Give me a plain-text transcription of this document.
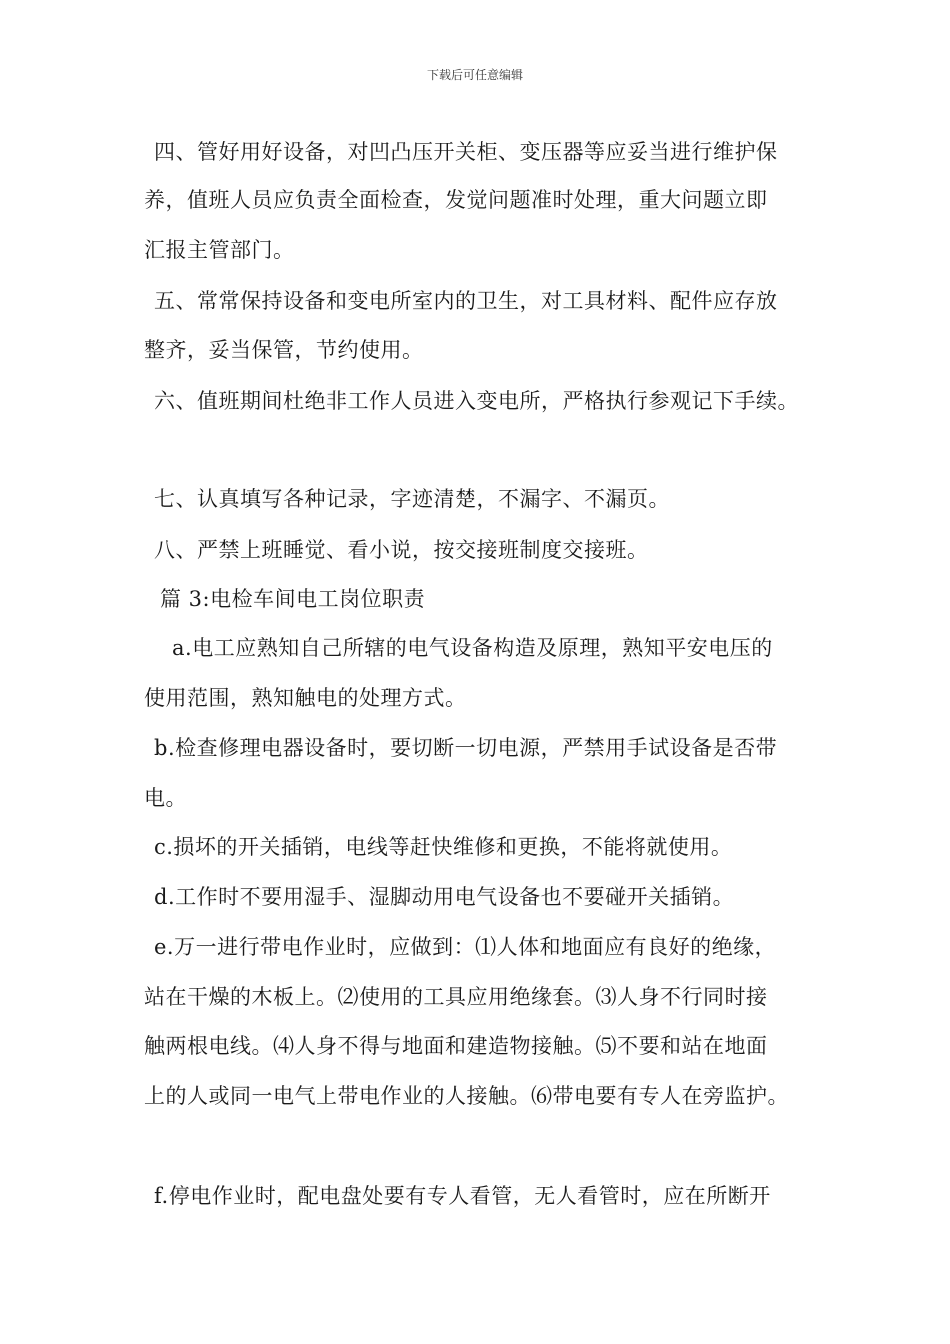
下载后可任意编辑
四、管好用好设备，对凹凸压开关柜、变压器等应妥当进行维护保
养，值班人员应负责全面检查，发觉问题准时处理，重大问题立即
汇报主管部门。
五、常常保持设备和变电所室内的卫生，对工具材料、配件应存放
整齐，妥当保管，节约使用。
六、值班期间杜绝非工作人员进入变电所，严格执行参观记下手续。
七、认真填写各种记录，字迹清楚，不漏字、不漏页。
八、严禁上班睡觉、看小说，按交接班制度交接班。
篇 3:电检车间电工岗位职责
a.电工应熟知自己所辖的电气设备构造及原理，熟知平安电压的
使用范围，熟知触电的处理方式。
b.检查修理电器设备时，要切断一切电源，严禁用手试设备是否带
电。
c.损坏的开关插销，电线等赶快维修和更换，不能将就使用。
d.工作时不要用湿手、湿脚动用电气设备也不要碰开关插销。
e.万一进行带电作业时，应做到：⑴人体和地面应有良好的绝缘，
站在干燥的木板上。⑵使用的工具应用绝缘套。⑶人身不行同时接
触两根电线。⑷人身不得与地面和建造物接触。⑸不要和站在地面
上的人或同一电气上带电作业的人接触。⑹带电要有专人在旁监护。
f.停电作业时，配电盘处要有专人看管，无人看管时，应在所断开
